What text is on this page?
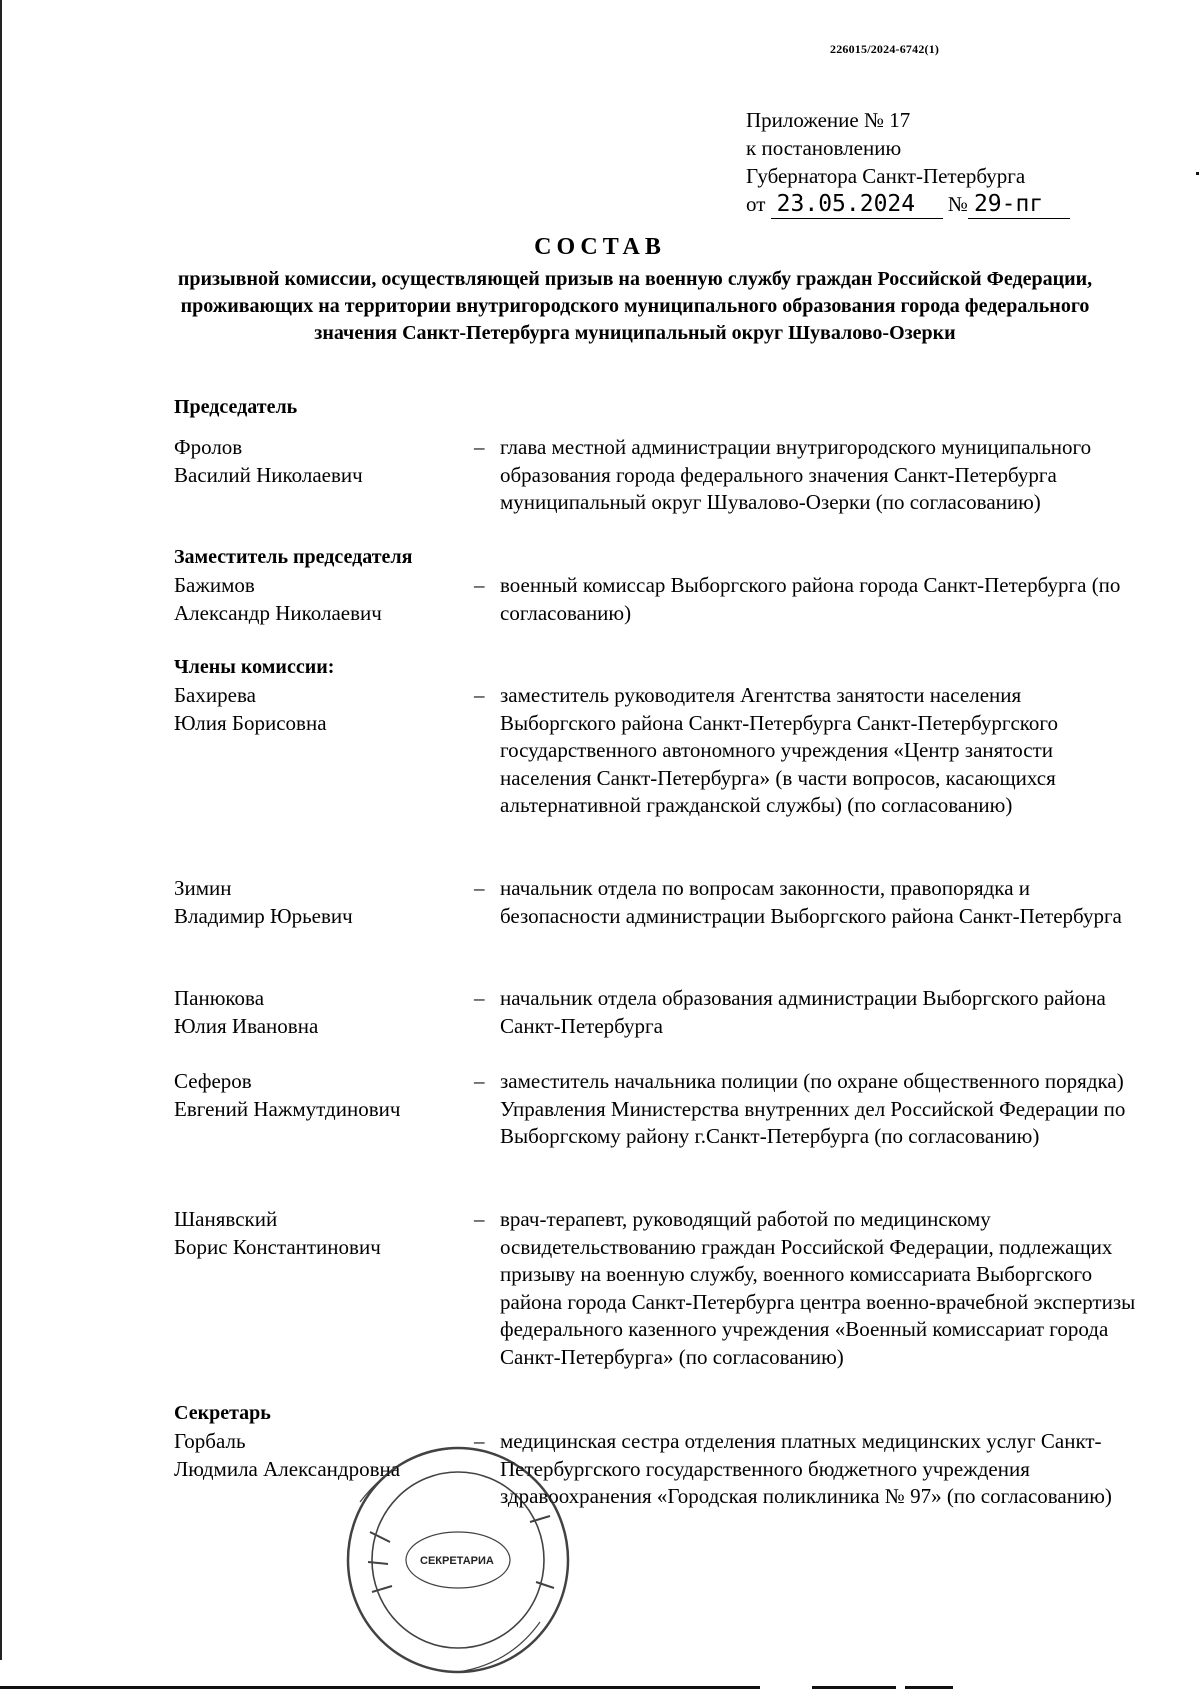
226015/2024-6742(1)
Приложение № 17
к постановлению
Губернатора Санкт-Петербурга
от 23.05.2024 № 29-пг
СОСТАВ
призывной комиссии, осуществляющей призыв на военную службу граждан Российской Федерации, проживающих на территории внутригородского муниципального образования города федерального значения Санкт-Петербурга муниципальный округ Шувалово-Озерки
Председатель
Фролов
Василий Николаевич
– глава местной администрации внутригородского муниципального образования города федерального значения Санкт-Петербурга муниципальный округ Шувалово-Озерки (по согласованию)
Заместитель председателя
Бажимов
Александр Николаевич
– военный комиссар Выборгского района города Санкт-Петербурга (по согласованию)
Члены комиссии:
Бахирева
Юлия Борисовна
– заместитель руководителя Агентства занятости населения Выборгского района Санкт-Петербурга Санкт-Петербургского государственного автономного учреждения «Центр занятости населения Санкт-Петербурга» (в части вопросов, касающихся альтернативной гражданской службы) (по согласованию)
Зимин
Владимир Юрьевич
– начальник отдела по вопросам законности, правопорядка и безопасности администрации Выборгского района Санкт-Петербурга
Панюкова
Юлия Ивановна
– начальник отдела образования администрации Выборгского района Санкт-Петербурга
Сеферов
Евгений Нажмутдинович
– заместитель начальника полиции (по охране общественного порядка) Управления Министерства внутренних дел Российской Федерации по Выборгскому району г.Санкт-Петербурга (по согласованию)
Шанявский
Борис Константинович
– врач-терапевт, руководящий работой по медицинскому освидетельствованию граждан Российской Федерации, подлежащих призыву на военную службу, военного комиссариата Выборгского района города Санкт-Петербурга центра военно-врачебной экспертизы федерального казенного учреждения «Военный комиссариат города Санкт-Петербурга» (по согласованию)
Секретарь
Горбаль
Людмила Александровна
– медицинская сестра отделения платных медицинских услуг Санкт-Петербургского государственного бюджетного учреждения здравоохранения «Городская поликлиника № 97» (по согласованию)
СЕКРЕТАРИА
